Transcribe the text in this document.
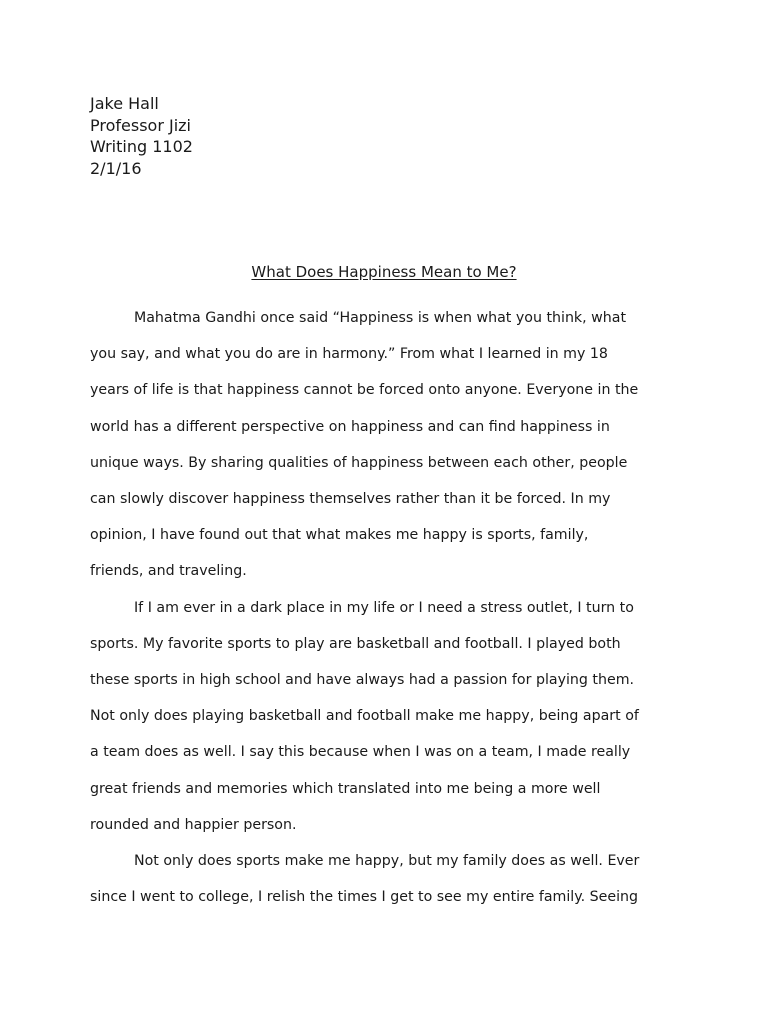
Jake Hall
Professor Jizi
Writing 1102
2/1/16
What Does Happiness Mean to Me?
Mahatma Gandhi once said “Happiness is when what you think, what
you say, and what you do are in harmony.” From what I learned in my 18
years of life is that happiness cannot be forced onto anyone. Everyone in the
world has a different perspective on happiness and can find happiness in
unique ways. By sharing qualities of happiness between each other, people
can slowly discover happiness themselves rather than it be forced. In my
opinion, I have found out that what makes me happy is sports, family,
friends, and traveling.
If I am ever in a dark place in my life or I need a stress outlet, I turn to
sports. My favorite sports to play are basketball and football. I played both
these sports in high school and have always had a passion for playing them.
Not only does playing basketball and football make me happy, being apart of
a team does as well. I say this because when I was on a team, I made really
great friends and memories which translated into me being a more well
rounded and happier person.
Not only does sports make me happy, but my family does as well. Ever
since I went to college, I relish the times I get to see my entire family. Seeing
